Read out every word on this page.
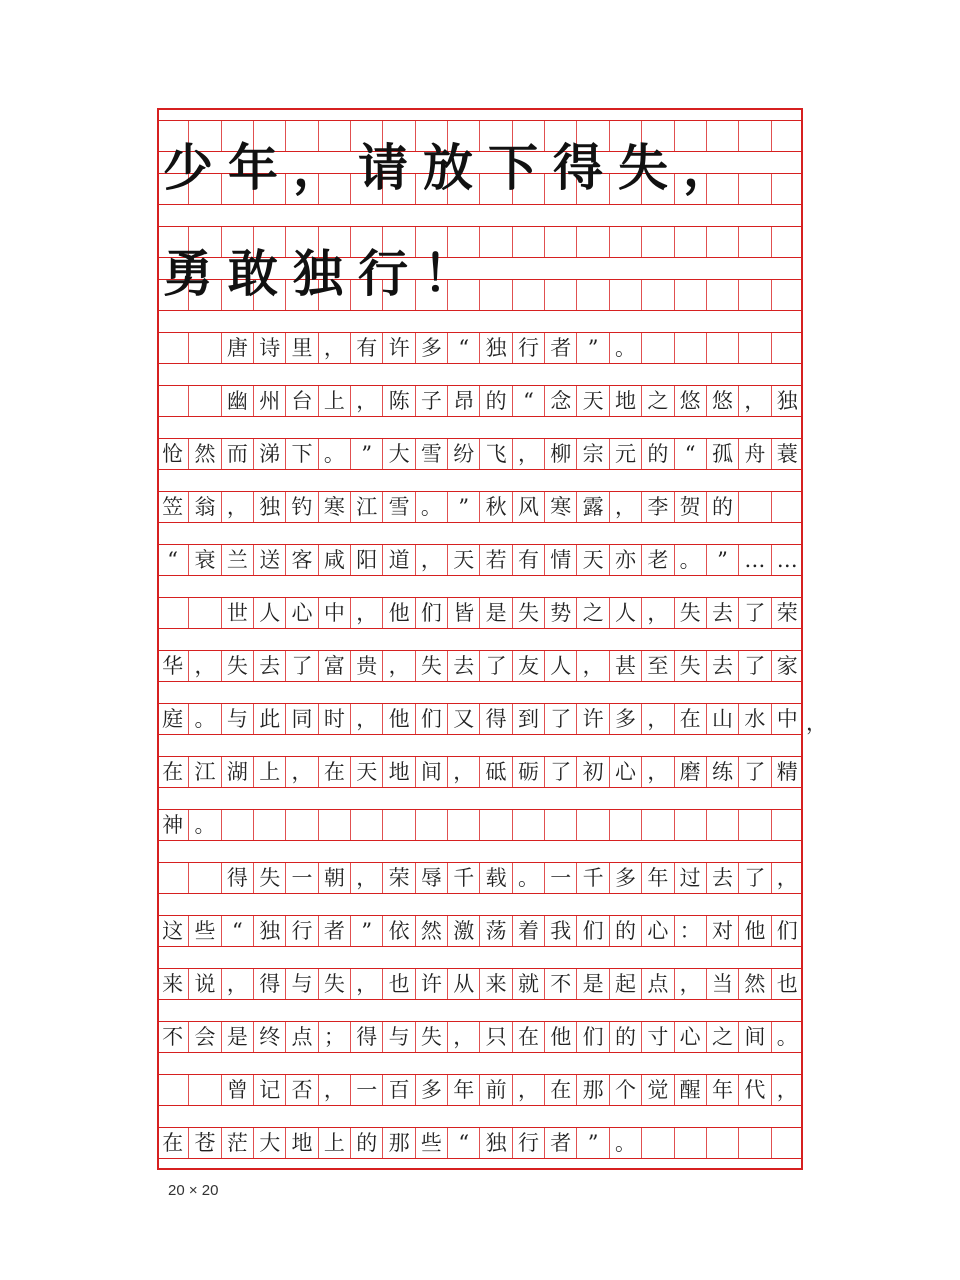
唐 诗 里 ， 有 许 多 “ 独 行 者 ” 。
幽 州 台 上 ， 陈 子 昂 的 “ 念 天 地 之 悠 悠 ， 独
怆 然 而 涕 下 。 ” 大 雪 纷 飞 ， 柳 宗 元 的 “ 孤 舟 蓑
笠 翁 ， 独 钓 寒 江 雪 。 ” 秋 风 寒 露 ， 李 贺 的
“ 衰 兰 送 客 咸 阳 道 ， 天 若 有 情 天 亦 老 。 ” … …
世 人 心 中 ， 他 们 皆 是 失 势 之 人 ， 失 去 了 荣
华 ， 失 去 了 富 贵 ， 失 去 了 友 人 ， 甚 至 失 去 了 家
庭 。 与 此 同 时 ， 他 们 又 得 到 了 许 多 ， 在 山 水 中 ，
在 江 湖 上 ， 在 天 地 间 ， 砥 砺 了 初 心 ， 磨 练 了 精
神 。
得 失 一 朝 ， 荣 辱 千 载 。 一 千 多 年 过 去 了 ，
这 些 “ 独 行 者 ” 依 然 激 荡 着 我 们 的 心 ： 对 他 们
来 说 ， 得 与 失 ， 也 许 从 来 就 不 是 起 点 ， 当 然 也
不 会 是 终 点 ； 得 与 失 ， 只 在 他 们 的 寸 心 之 间 。
曾 记 否 ， 一 百 多 年 前 ， 在 那 个 觉 醒 年 代 ，
在 苍 茫 大 地 上 的 那 些 “ 独 行 者 ” 。
少年，请放下得失，
勇敢独行！
20 × 20
